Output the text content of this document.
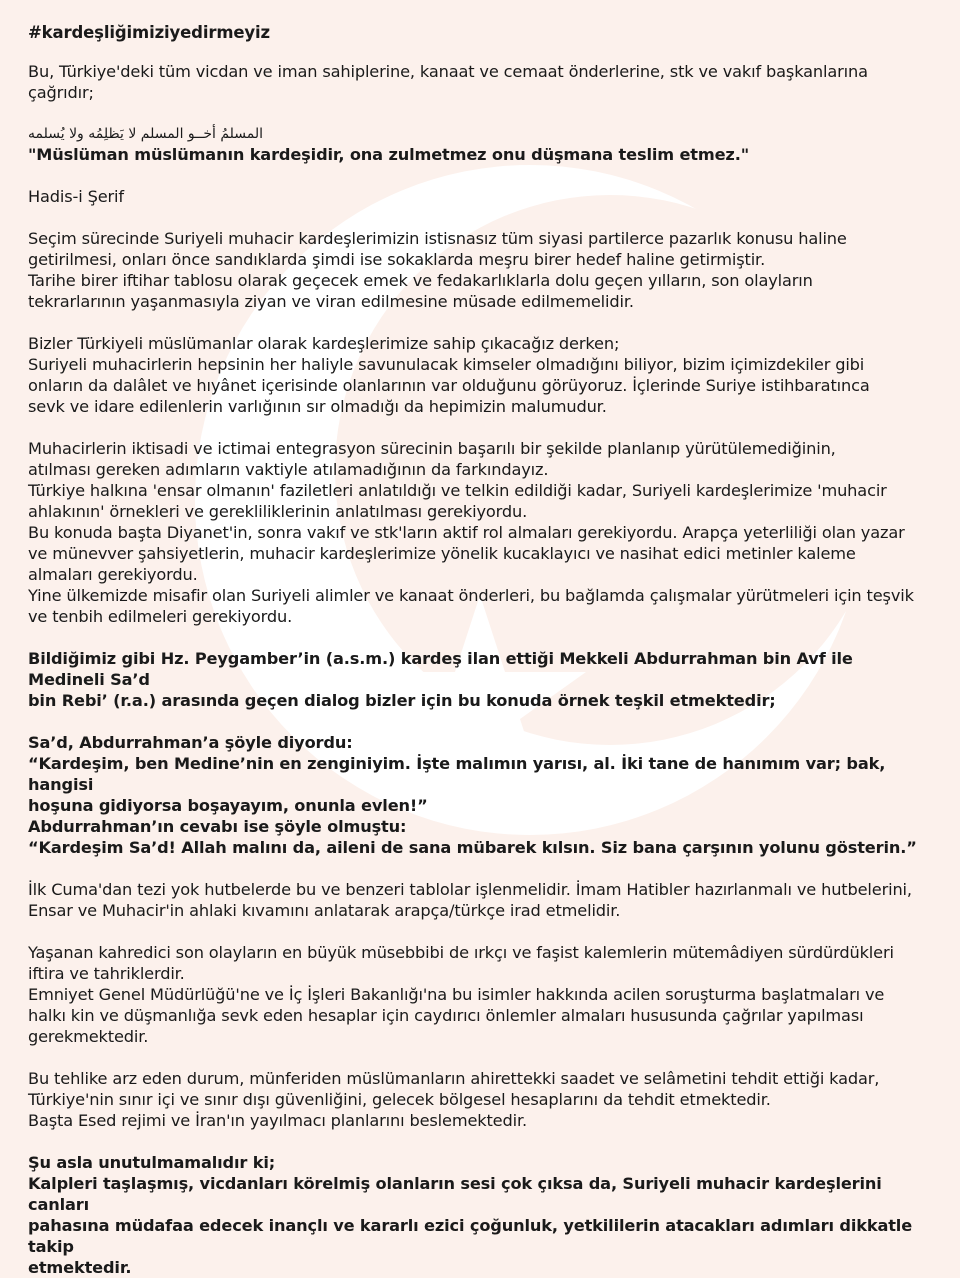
#kardeşliğimiziyedirmeyiz
Bu, Türkiye'deki tüm vicdan ve iman sahiplerine, kanaat ve cemaat önderlerine, stk ve vakıf başkanlarına
çağrıdır;
المسلمُ أخــو المسلم لا يَظلِمُه ولا يُسلمه
"Müslüman müslümanın kardeşidir, ona zulmetmez onu düşmana teslim etmez."
Hadis-i Şerif
Seçim sürecinde Suriyeli muhacir kardeşlerimizin istisnasız tüm siyasi partilerce pazarlık konusu haline
getirilmesi, onları önce sandıklarda şimdi ise sokaklarda meşru birer hedef haline getirmiştir.
Tarihe birer iftihar tablosu olarak geçecek emek ve fedakarlıklarla dolu geçen yılların, son olayların
tekrarlarının yaşanmasıyla ziyan ve viran edilmesine müsade edilmemelidir.
Bizler Türkiyeli müslümanlar olarak kardeşlerimize sahip çıkacağız derken;
Suriyeli muhacirlerin hepsinin her haliyle savunulacak kimseler olmadığını biliyor, bizim içimizdekiler gibi
onların da dalâlet ve hıyânet içerisinde olanlarının var olduğunu görüyoruz. İçlerinde Suriye istihbaratınca
sevk ve idare edilenlerin varlığının sır olmadığı da hepimizin malumudur.
Muhacirlerin iktisadi ve ictimai entegrasyon sürecinin başarılı bir şekilde planlanıp yürütülemediğinin,
atılması gereken adımların vaktiyle atılamadığının da farkındayız.
Türkiye halkına 'ensar olmanın' faziletleri anlatıldığı ve telkin edildiği kadar, Suriyeli kardeşlerimize 'muhacir
ahlakının' örnekleri ve gerekliliklerinin anlatılması gerekiyordu.
Bu konuda başta Diyanet'in, sonra vakıf ve stk'ların aktif rol almaları gerekiyordu. Arapça yeterliliği olan yazar
ve münevver şahsiyetlerin, muhacir kardeşlerimize yönelik kucaklayıcı ve nasihat edici metinler kaleme
almaları gerekiyordu.
Yine ülkemizde misafir olan Suriyeli alimler ve kanaat önderleri, bu bağlamda çalışmalar yürütmeleri için teşvik
ve tenbih edilmeleri gerekiyordu.
Bildiğimiz gibi Hz. Peygamber’in (a.s.m.) kardeş ilan ettiği Mekkeli Abdurrahman bin Avf ile Medineli Sa’d
bin Rebi’ (r.a.) arasında geçen dialog bizler için bu konuda örnek teşkil etmektedir;
Sa’d, Abdurrahman’a şöyle diyordu:
“Kardeşim, ben Medine’nin en zenginiyim. İşte malımın yarısı, al. İki tane de hanımım var; bak, hangisi
hoşuna gidiyorsa boşayayım, onunla evlen!”
Abdurrahman’ın cevabı ise şöyle olmuştu:
“Kardeşim Sa’d! Allah malını da, aileni de sana mübarek kılsın. Siz bana çarşının yolunu gösterin.”
İlk Cuma'dan tezi yok hutbelerde bu ve benzeri tablolar işlenmelidir. İmam Hatibler hazırlanmalı ve hutbelerini,
Ensar ve Muhacir'in ahlaki kıvamını anlatarak arapça/türkçe irad etmelidir.
Yaşanan kahredici son olayların en büyük müsebbibi de ırkçı ve faşist kalemlerin mütemâdiyen sürdürdükleri
iftira ve tahriklerdir.
Emniyet Genel Müdürlüğü'ne ve İç İşleri Bakanlığı'na bu isimler hakkında acilen soruşturma başlatmaları ve
halkı kin ve düşmanlığa sevk eden hesaplar için caydırıcı önlemler almaları hususunda çağrılar yapılması
gerekmektedir.
Bu tehlike arz eden durum, münferiden müslümanların ahirettekki saadet ve selâmetini tehdit ettiği kadar,
Türkiye'nin sınır içi ve sınır dışı güvenliğini, gelecek bölgesel hesaplarını da tehdit etmektedir.
Başta Esed rejimi ve İran'ın yayılmacı planlarını beslemektedir.
Şu asla unutulmamalıdır ki;
Kalpleri taşlaşmış, vicdanları körelmiş olanların sesi çok çıksa da, Suriyeli muhacir kardeşlerini canları
pahasına müdafaa edecek inançlı ve kararlı ezici çoğunluk, yetkililerin atacakları adımları dikkatle takip
etmektedir.
